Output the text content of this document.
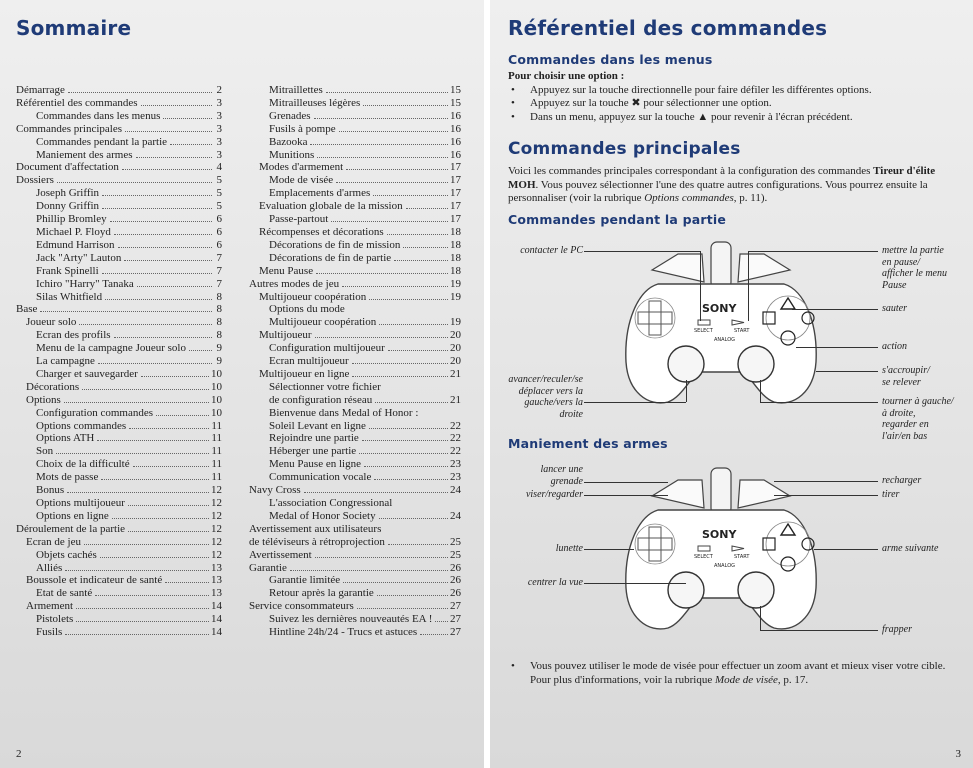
Sommaire
Démarrage	2
Référentiel des commandes	3
Commandes dans les menus	3
Commandes principales	3
Commandes pendant la partie	3
Maniement des armes	3
Document d'affectation	4
Dossiers	5
Joseph Griffin	5
Donny Griffin	5
Phillip Bromley	6
Michael P. Floyd	6
Edmund Harrison	6
Jack "Arty" Lauton	7
Frank Spinelli	7
Ichiro "Harry" Tanaka	7
Silas Whitfield	8
Base	8
Joueur solo	8
Ecran des profils	8
Menu de la campagne Joueur solo	9
La campagne	9
Charger et sauvegarder	10
Décorations	10
Options	10
Configuration commandes	10
Options commandes	11
Options ATH	11
Son	11
Choix de la difficulté	11
Mots de passe	11
Bonus	12
Options multijoueur	12
Options en ligne	12
Déroulement de la partie	12
Ecran de jeu	12
Objets cachés	12
Alliés	13
Boussole et indicateur de santé	13
Etat de santé	13
Armement	14
Pistolets	14
Fusils	14
Mitraillettes	15
Mitrailleuses légères	15
Grenades	16
Fusils à pompe	16
Bazooka	16
Munitions	16
Modes d'armement	17
Mode de visée	17
Emplacements d'armes	17
Evaluation globale de la mission	17
Passe-partout	17
Récompenses et décorations	18
Décorations de fin de mission	18
Décorations de fin de partie	18
Menu Pause	18
Autres modes de jeu	19
Multijoueur coopération	19
Options du mode
Multijoueur coopération	19
Multijoueur	20
Configuration multijoueur	20
Ecran multijoueur	20
Multijoueur en ligne	21
Sélectionner votre fichier
de configuration réseau	21
Bienvenue dans Medal of Honor :
Soleil Levant en ligne	22
Rejoindre une partie	22
Héberger une partie	22
Menu Pause en ligne	23
Communication vocale	23
Navy Cross	24
L'association Congressional
Medal of Honor Society	24
Avertissement aux utilisateurs
de téléviseurs à rétroprojection	25
Avertissement	25
Garantie	26
Garantie limitée	26
Retour après la garantie	26
Service consommateurs	27
Suivez les dernières nouveautés EA ! 27
Hintline 24h/24 - Trucs et astuces	27
2
Référentiel des commandes
Commandes dans les menus
Pour choisir une option :
• Appuyez sur la touche directionnelle pour faire défiler les différentes options.
• Appuyez sur la touche ✖ pour sélectionner une option.
• Dans un menu, appuyez sur la touche ▲ pour revenir à l'écran précédent.
Commandes principales
Voici les commandes principales correspondant à la configuration des commandes Tireur d'élite MOH. Vous pouvez sélectionner l'une des quatre autres configurations. Vous pourrez ensuite la personnaliser (voir la rubrique Options commandes, p. 11).
Commandes pendant la partie
SONY
SELECT	START
ANALOG
contacter le PC	mettre la partie
en pause/
afficher le menu
Pause
sauter
action
s'accroupir/
se relever
tourner à gauche/
à droite,
regarder en
l'air/en bas
avancer/reculer/se
déplacer vers la
gauche/vers la
droite
Maniement des armes
SONY
SELECT	START
ANALOG
lancer une
grenade
viser/regarder
recharger
tirer
lunette	arme suivante
centrer la vue
frapper
• Vous pouvez utiliser le mode de visée pour effectuer un zoom avant et mieux viser votre cible. Pour plus d'informations, voir la rubrique Mode de visée, p. 17.
3
